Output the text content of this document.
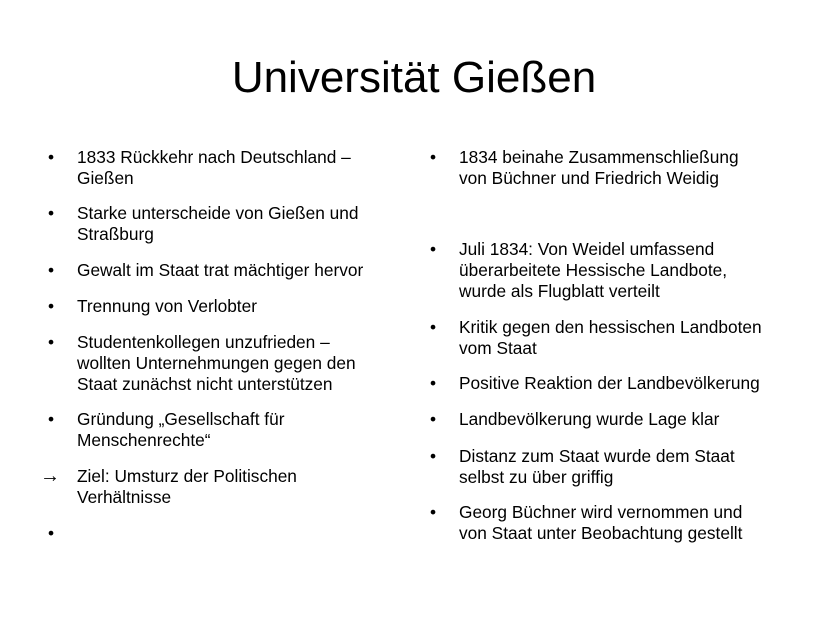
Universität Gießen
• 1833 Rückkehr nach Deutschland –
Gießen
• Starke unterscheide von Gießen und
Straßburg
• Gewalt im Staat trat mächtiger hervor
• Trennung von Verlobter
• Studentenkollegen unzufrieden –
wollten Unternehmungen gegen den
Staat zunächst nicht unterstützen
• Gründung „Gesellschaft für
Menschenrechte“
→ Ziel: Umsturz der Politischen
Verhältnisse
•
• 1834 beinahe Zusammenschließung
von Büchner und Friedrich Weidig
• Juli 1834: Von Weidel umfassend
überarbeitete Hessische Landbote,
wurde als Flugblatt verteilt
• Kritik gegen den hessischen Landboten
vom Staat
• Positive Reaktion der Landbevölkerung
• Landbevölkerung wurde Lage klar
• Distanz zum Staat wurde dem Staat
selbst zu über griffig
• Georg Büchner wird vernommen und
von Staat unter Beobachtung gestellt
